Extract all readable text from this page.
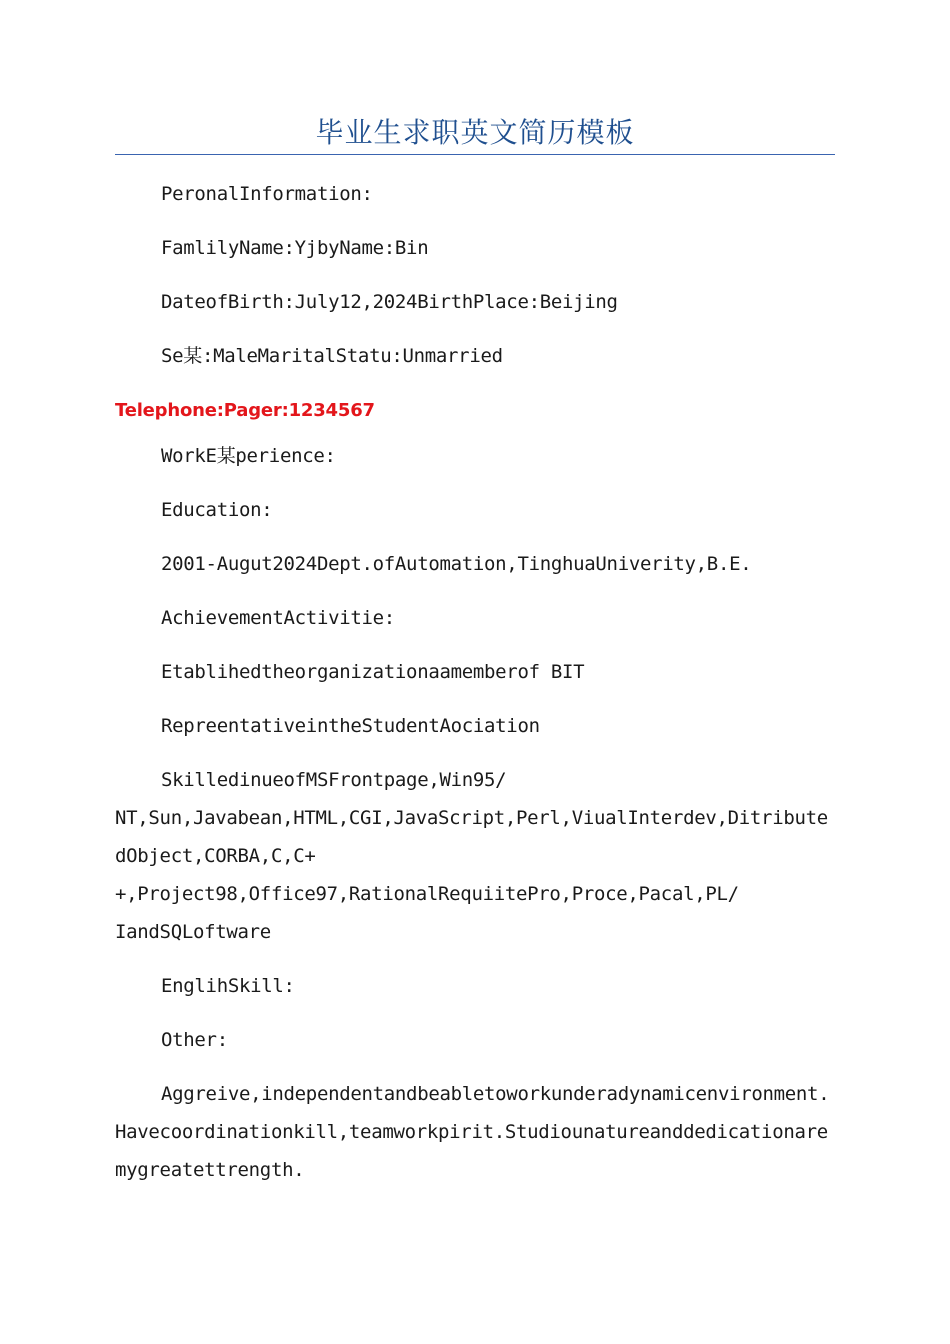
毕业生求职英文简历模板
PeronalInformation:
FamlilyName:YjbyName:Bin
DateofBirth:July12,2024BirthPlace:Beijing
Se某:MaleMaritalStatu:Unmarried
Telephone:Pager:1234567
WorkE某perience:
Education:
2001-Augut2024Dept.ofAutomation,TinghuaUniverity,B.E.
AchievementActivitie:
Etablihedtheorganizationaamemberof BIT
RepreentativeintheStudentAociation
SkilledinueofMSFrontpage,Win95/
NT,Sun,Javabean,HTML,CGI,JavaScript,Perl,ViualInterdev,Ditribute
dObject,CORBA,C,C+
+,Project98,Office97,RationalRequiitePro,Proce,Pacal,PL/
IandSQLoftware
EnglihSkill:
Other:
Aggreive,independentandbeabletoworkunderadynamicenvironment.
Havecoordinationkill,teamworkpirit.Studiounatureanddedicationare
mygreatettrength.
